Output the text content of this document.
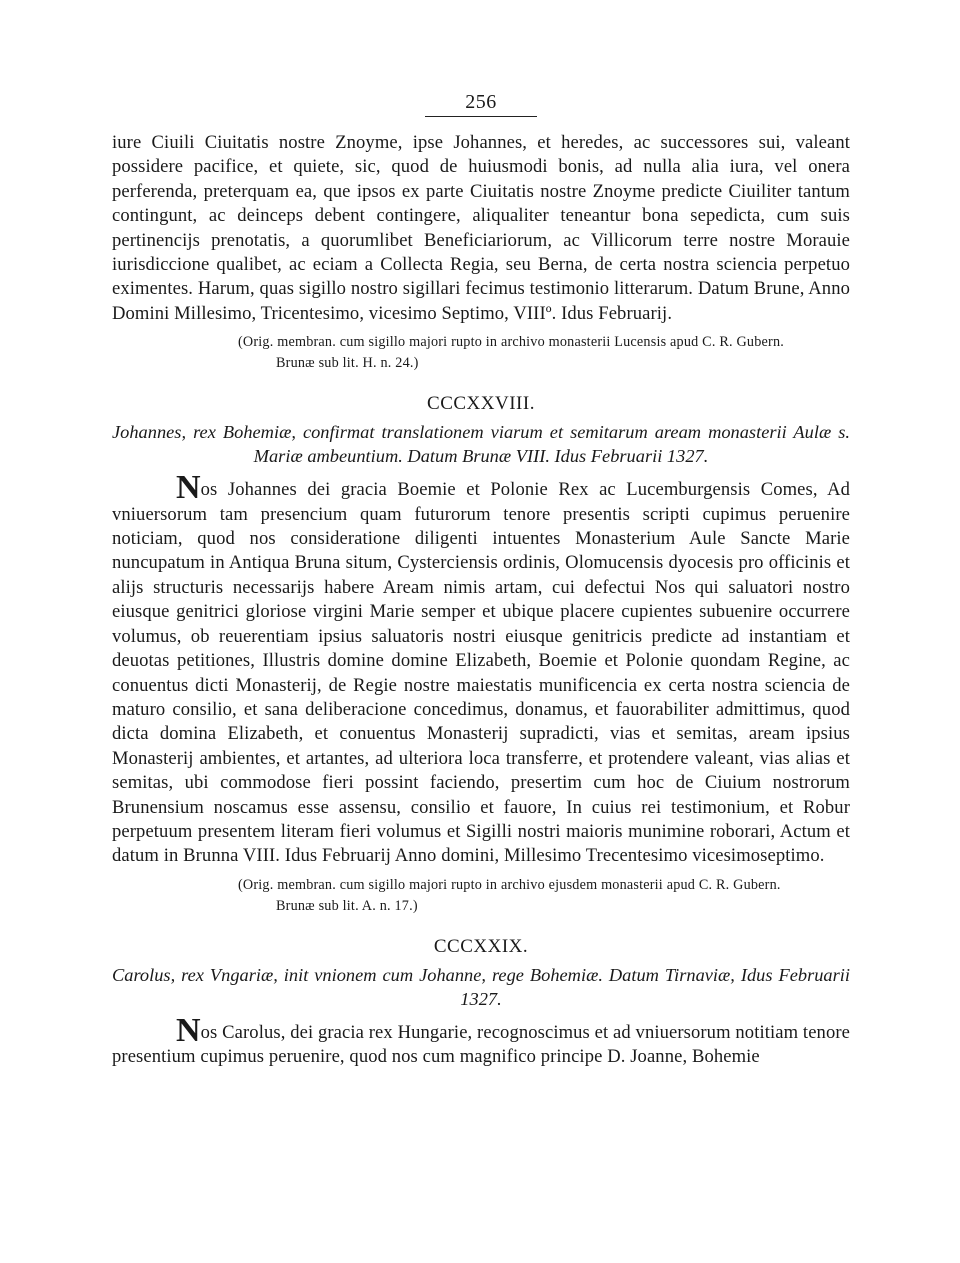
256

iure Ciuili Ciuitatis nostre Znoyme, ipse Johannes, et heredes, ac successores sui, valeant possidere pacifice, et quiete, sic, quod de huiusmodi bonis, ad nulla alia iura, vel onera perferenda, preterquam ea, que ipsos ex parte Ciuitatis nostre Znoyme predicte Ciuiliter tantum contingunt, ac deinceps debent contingere, aliqualiter teneantur bona sepedicta, cum suis pertinencijs prenotatis, a quorumlibet Beneficiariorum, ac Villicorum terre nostre Morauie iurisdiccione qualibet, ac eciam a Collecta Regia, seu Berna, de certa nostra sciencia perpetuo eximentes. Harum, quas sigillo nostro sigillari fecimus testimonio litterarum. Datum Brune, Anno Domini Millesimo, Tricentesimo, vicesimo Septimo, VIIIº. Idus Februarij.

(Orig. membran. cum sigillo majori rupto in archivo monasterii Lucensis apud C. R. Gubern.
Brunæ sub lit. H. n. 24.)
CCCXXVIII.
Johannes, rex Bohemiæ, confirmat translationem viarum et semitarum aream monasterii Aulæ s. Mariæ ambeuntium. Datum Brunæ VIII. Idus Februarii 1327.

Nos Johannes dei gracia Boemie et Polonie Rex ac Lucemburgensis Comes, Ad vniuersorum tam presencium quam futurorum tenore presentis scripti cupimus peruenire noticiam, quod nos consideratione diligenti intuentes Monasterium Aule Sancte Marie nuncupatum in Antiqua Bruna situm, Cysterciensis ordinis, Olomucensis dyocesis pro officinis et alijs structuris necessarijs habere Aream nimis artam, cui defectui Nos qui saluatori nostro eiusque genitrici gloriose virgini Marie semper et ubique placere cupientes subuenire occurrere volumus, ob reuerentiam ipsius saluatoris nostri eiusque genitricis predicte ad instantiam et deuotas petitiones, Illustris domine domine Elizabeth, Boemie et Polonie quondam Regine, ac conuentus dicti Monasterij, de Regie nostre maiestatis munificencia ex certa nostra sciencia de maturo consilio, et sana deliberacione concedimus, donamus, et fauorabiliter admittimus, quod dicta domina Elizabeth, et conuentus Monasterij supradicti, vias et semitas, aream ipsius Monasterij ambientes, et artantes, ad ulteriora loca transferre, et protendere valeant, vias alias et semitas, ubi commodose fieri possint faciendo, presertim cum hoc de Ciuium nostrorum Brunensium noscamus esse assensu, consilio et fauore, In cuius rei testimonium, et Robur perpetuum presentem literam fieri volumus et Sigilli nostri maioris munimine roborari, Actum et datum in Brunna VIII. Idus Februarij Anno domini, Millesimo Trecentesimo vicesimoseptimo.

(Orig. membran. cum sigillo majori rupto in archivo ejusdem monasterii apud C. R. Gubern.
Brunæ sub lit. A. n. 17.)
CCCXXIX.
Carolus, rex Vngariæ, init vnionem cum Johanne, rege Bohemiæ. Datum Tirnaviæ, Idus Februarii 1327.

Nos Carolus, dei gracia rex Hungarie, recognoscimus et ad vniuersorum notitiam tenore presentium cupimus peruenire, quod nos cum magnifico principe D. Joanne, Bohemie
